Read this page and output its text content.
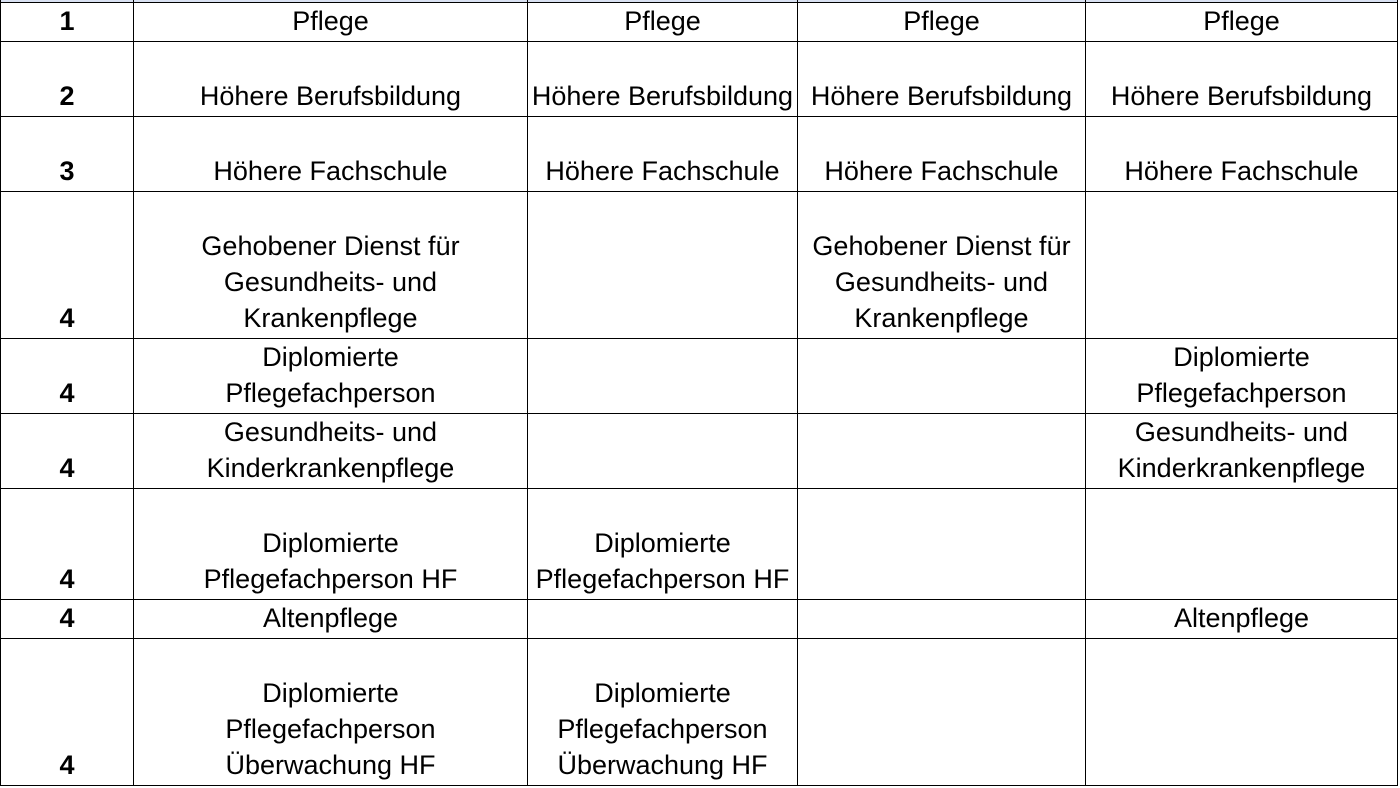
1	Pflege	Pflege	Pflege	Pflege
2	Höhere Berufsbildung	Höhere Berufsbildung	Höhere Berufsbildung	Höhere Berufsbildung
3	Höhere Fachschule	Höhere Fachschule	Höhere Fachschule	Höhere Fachschule
4	Gehobener Dienst für Gesundheits- und Krankenpflege		Gehobener Dienst für Gesundheits- und Krankenpflege	
4	Diplomierte Pflegefachperson			Diplomierte Pflegefachperson
4	Gesundheits- und Kinderkrankenpflege			Gesundheits- und Kinderkrankenpflege
4	Diplomierte Pflegefachperson HF	Diplomierte Pflegefachperson HF		
4	Altenpflege			Altenpflege
4	Diplomierte Pflegefachperson Überwachung HF	Diplomierte Pflegefachperson Überwachung HF		
